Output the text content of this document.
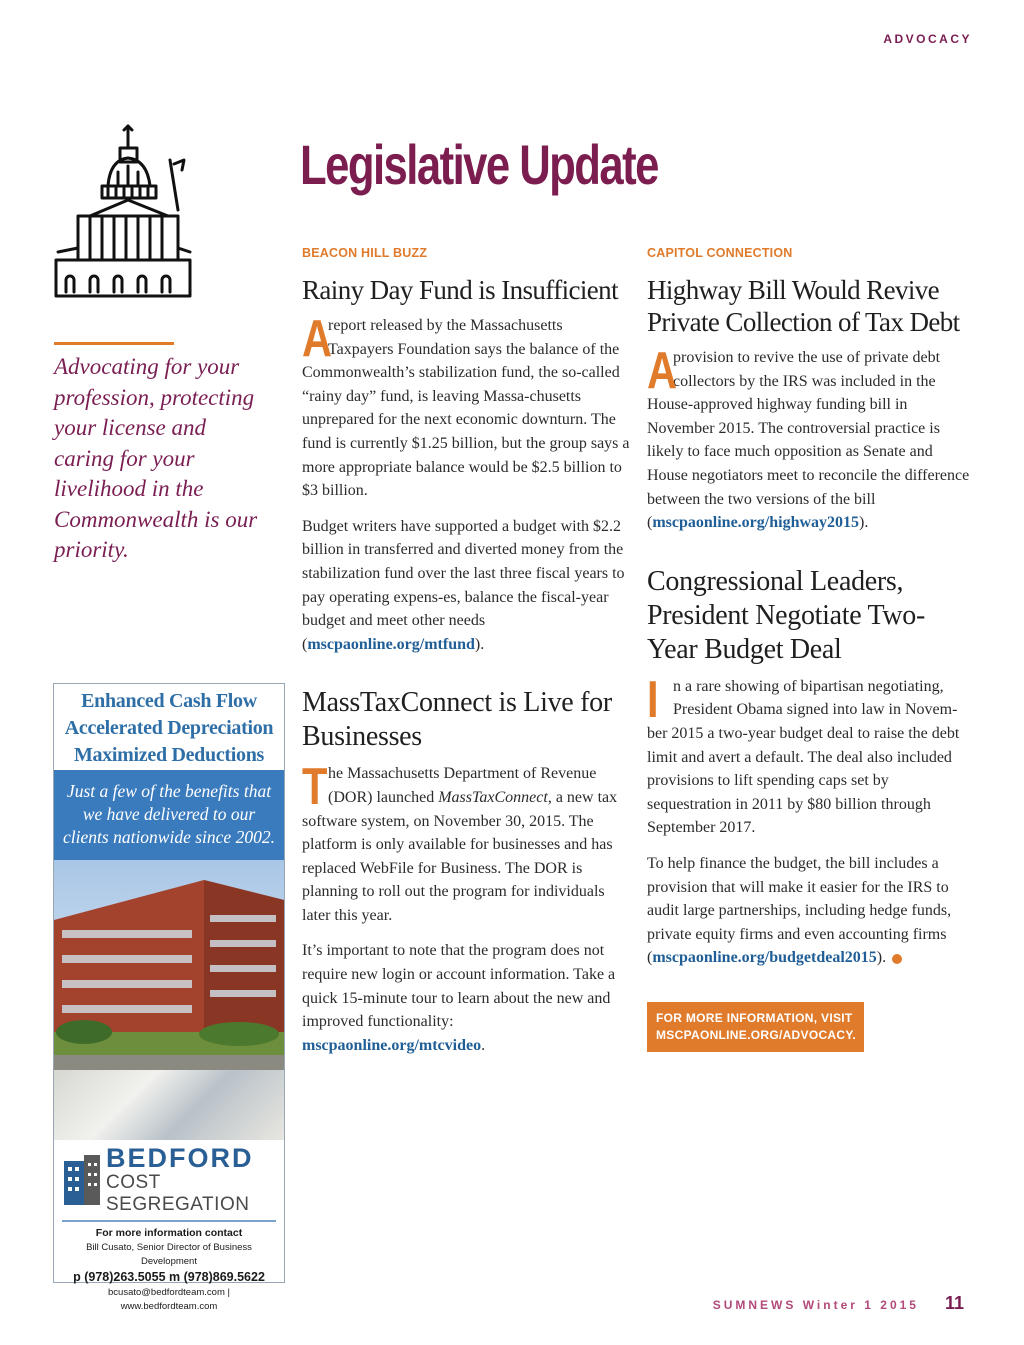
ADVOCACY
Legislative Update
Advocating for your profession, protecting your license and caring for your livelihood in the Commonwealth is our priority.
Enhanced Cash Flow
Accelerated Depreciation
Maximized Deductions
Just a few of the benefits that we have delivered to our clients nationwide since 2002.
BEDFORD
COST SEGREGATION
For more information contact
Bill Cusato, Senior Director of Business Development
p (978)263.5055 m (978)869.5622
bcusato@bedfordteam.com | www.bedfordteam.com
BEACON HILL BUZZ
Rainy Day Fund is Insufficient

A
report released by the Massachusetts Taxpayers Foundation says the balance of the Commonwealth’s stabilization fund, the so-called “rainy day” fund, is leaving Massa-chusetts unprepared for the next economic downturn. The fund is currently $1.25 billion, but the group says a more appropriate balance would be $2.5 billion to $3 billion.

Budget writers have supported a budget with $2.2 billion in transferred and diverted money from the stabilization fund over the last three fiscal years to pay operating expens-es, balance the fiscal-year budget and meet other needs (mscpaonline.org/mtfund).

MassTaxConnect is Live for Businesses

The Massachusetts Department of Revenue (DOR) launched MassTaxConnect, a new tax software system, on November 30, 2015. The platform is only available for businesses and has replaced WebFile for Business. The DOR is planning to roll out the program for individuals later this year.

It’s important to note that the program does not require new login or account information. Take a quick 15-minute tour to learn about the new and improved functionality: mscpaonline.org/mtcvideo.

CAPITOL CONNECTION
Highway Bill Would Revive Private Collection of Tax Debt

A
provision to revive the use of private debt collectors by the IRS was included in the House-approved highway funding bill in November 2015. The controversial practice is likely to face much opposition as Senate and House negotiators meet to reconcile the difference between the two versions of the bill (mscpaonline.org/highway2015).

Congressional Leaders, President Negotiate Two-Year Budget Deal

In a rare showing of bipartisan negotiating, President Obama signed into law in Novem-ber 2015 a two-year budget deal to raise the debt limit and avert a default. The deal also included provisions to lift spending caps set by sequestration in 2011 by $80 billion through September 2017.

To help finance the budget, the bill includes a provision that will make it easier for the IRS to audit large partnerships, including hedge funds, private equity firms and even accounting firms (mscpaonline.org/budgetdeal2015).

FOR MORE INFORMATION, VISIT
MSCPAONLINE.ORG/ADVOCACY.
SUMNEWS Winter 1 2015 11
